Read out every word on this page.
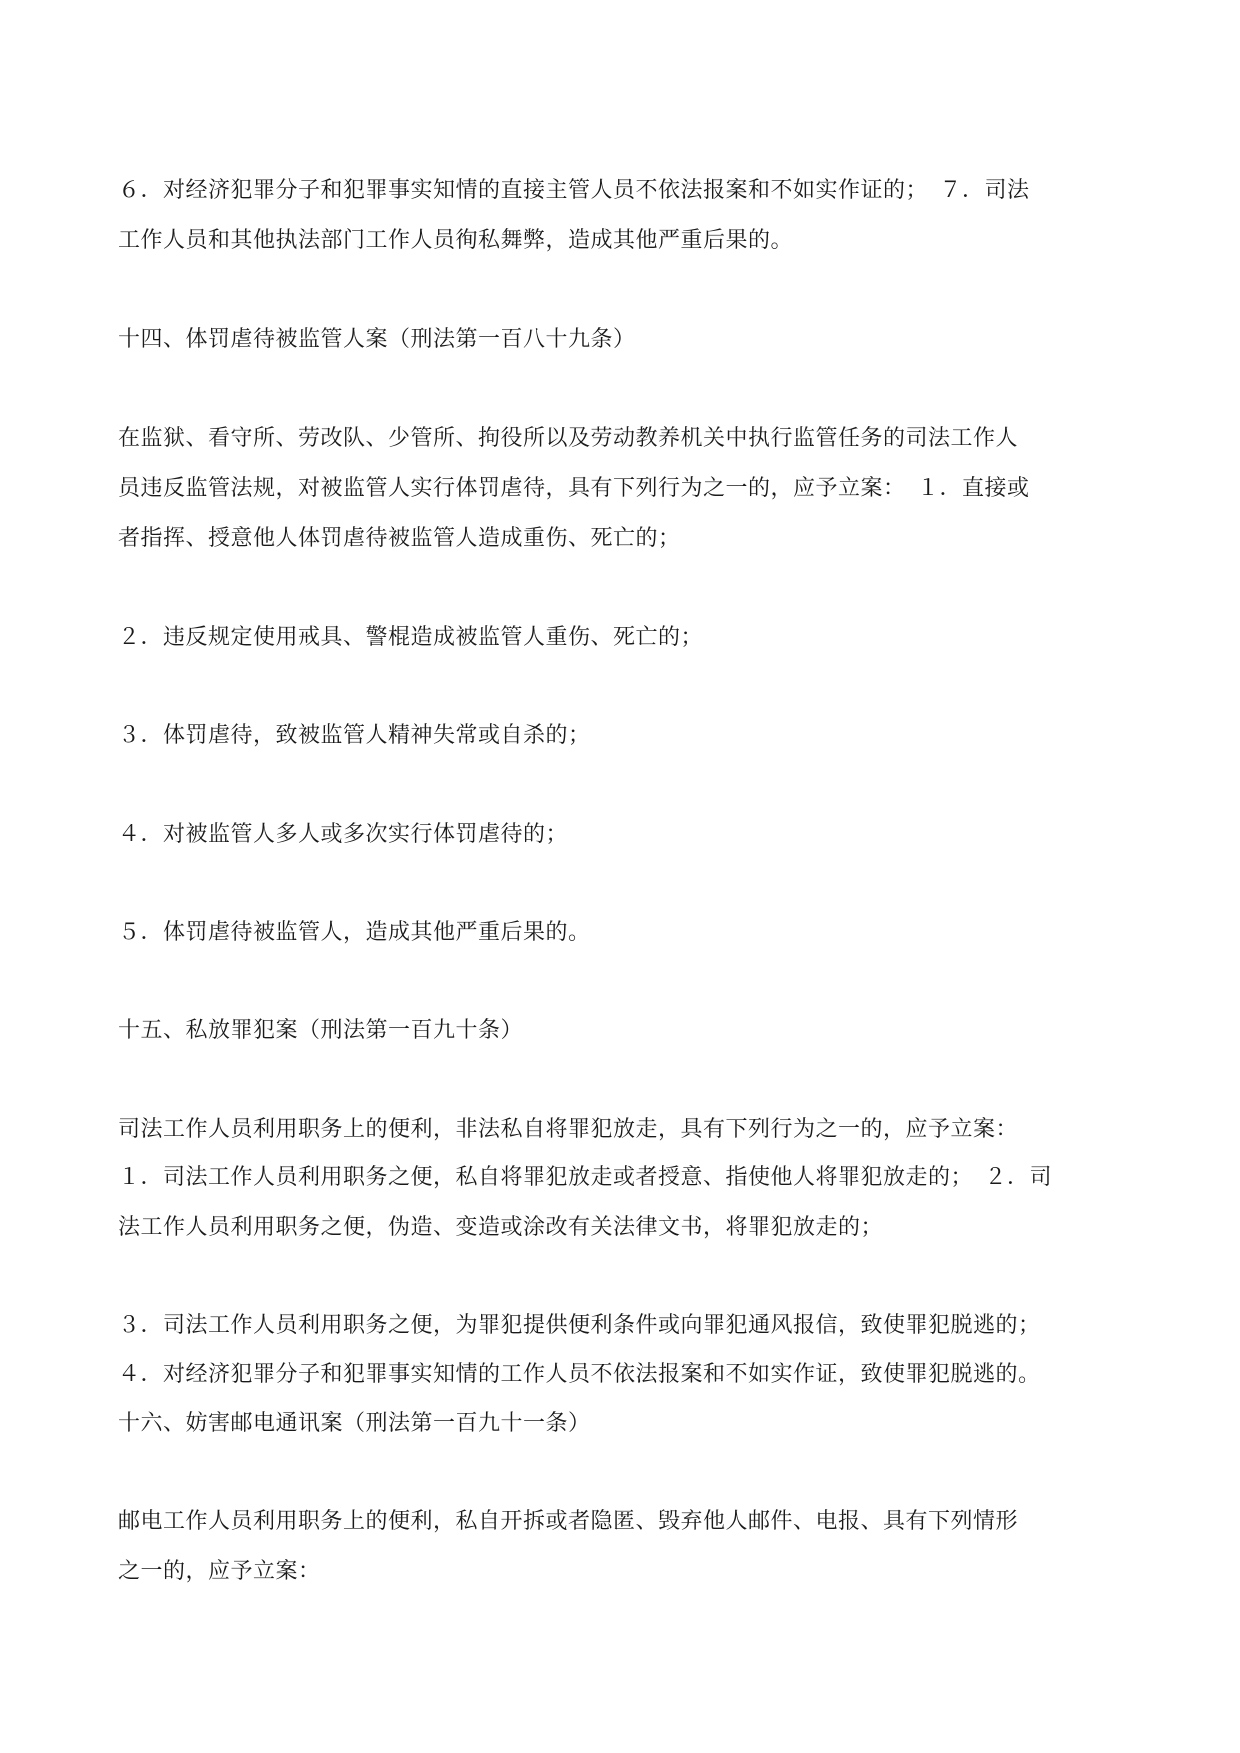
６．对经济犯罪分子和犯罪事实知情的直接主管人员不依法报案和不如实作证的；　７．司法
工作人员和其他执法部门工作人员徇私舞弊，造成其他严重后果的。
十四、体罚虐待被监管人案（刑法第一百八十九条）
在监狱、看守所、劳改队、少管所、拘役所以及劳动教养机关中执行监管任务的司法工作人
员违反监管法规，对被监管人实行体罚虐待，具有下列行为之一的，应予立案：　１．直接或
者指挥、授意他人体罚虐待被监管人造成重伤、死亡的；
２．违反规定使用戒具、警棍造成被监管人重伤、死亡的；
３．体罚虐待，致被监管人精神失常或自杀的；
４．对被监管人多人或多次实行体罚虐待的；
５．体罚虐待被监管人，造成其他严重后果的。
十五、私放罪犯案（刑法第一百九十条）
司法工作人员利用职务上的便利，非法私自将罪犯放走，具有下列行为之一的，应予立案：
１．司法工作人员利用职务之便，私自将罪犯放走或者授意、指使他人将罪犯放走的；　２．司
法工作人员利用职务之便，伪造、变造或涂改有关法律文书，将罪犯放走的；
３．司法工作人员利用职务之便，为罪犯提供便利条件或向罪犯通风报信，致使罪犯脱逃的；
４．对经济犯罪分子和犯罪事实知情的工作人员不依法报案和不如实作证，致使罪犯脱逃的。
十六、妨害邮电通讯案（刑法第一百九十一条）
邮电工作人员利用职务上的便利，私自开拆或者隐匿、毁弃他人邮件、电报、具有下列情形
之一的，应予立案：
